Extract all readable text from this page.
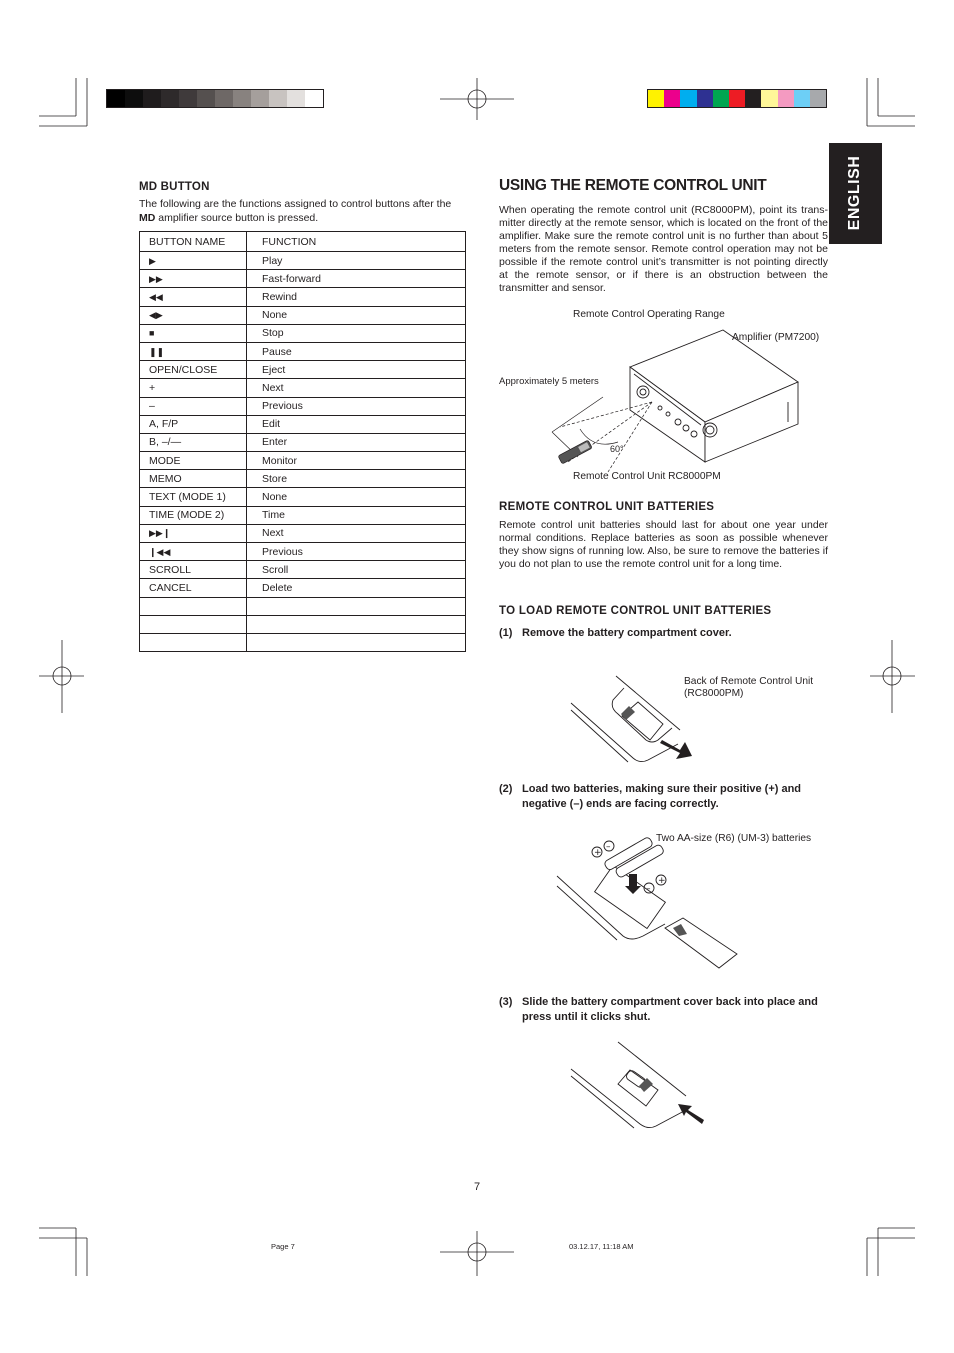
MD BUTTON
The following are the functions assigned to control buttons after the MD amplifier source button is pressed.
BUTTON NAME	FUNCTION
▶	Play
▶▶	Fast-forward
◀◀	Rewind
◀▶	None
■	Stop
❚❚	Pause
OPEN/CLOSE	Eject
+	Next
–	Previous
A, F/P	Edit
B, –/—	Enter
MODE	Monitor
MEMO	Store
TEXT (MODE 1)	None
TIME (MODE 2)	Time
▶▶❙	Next
❙◀◀	Previous
SCROLL	Scroll
CANCEL	Delete

ENGLISH
USING THE REMOTE CONTROL UNIT
When operating the remote control unit (RC8000PM), point its trans-mitter directly at the remote sensor, which is located on the front of the amplifier. Make sure the remote control unit is no further than about 5 meters from the remote sensor. Remote control operation may not be possible if the remote control unit’s transmitter is not pointing directly at the remote sensor, or if there is an obstruction between the transmitter and sensor.
Remote Control Operating Range
Amplifier (PM7200)
Approximately 5 meters
60°
Remote Control Unit RC8000PM
REMOTE CONTROL UNIT BATTERIES
Remote control unit batteries should last for about one year under normal conditions. Replace batteries as soon as possible whenever they show signs of running low. Also, be sure to remove the batteries if you do not plan to use the remote control unit for a long time.
TO LOAD REMOTE CONTROL UNIT BATTERIES
(1) Remove the battery compartment cover.
Back of Remote Control Unit (RC8000PM)
(2) Load two batteries, making sure their positive (+) and negative (–) ends are facing correctly.
Two AA-size (R6) (UM-3) batteries
+
–
+
–
(3) Slide the battery compartment cover back into place and press until it clicks shut.
7
Page 7	03.12.17, 11:18 AM
